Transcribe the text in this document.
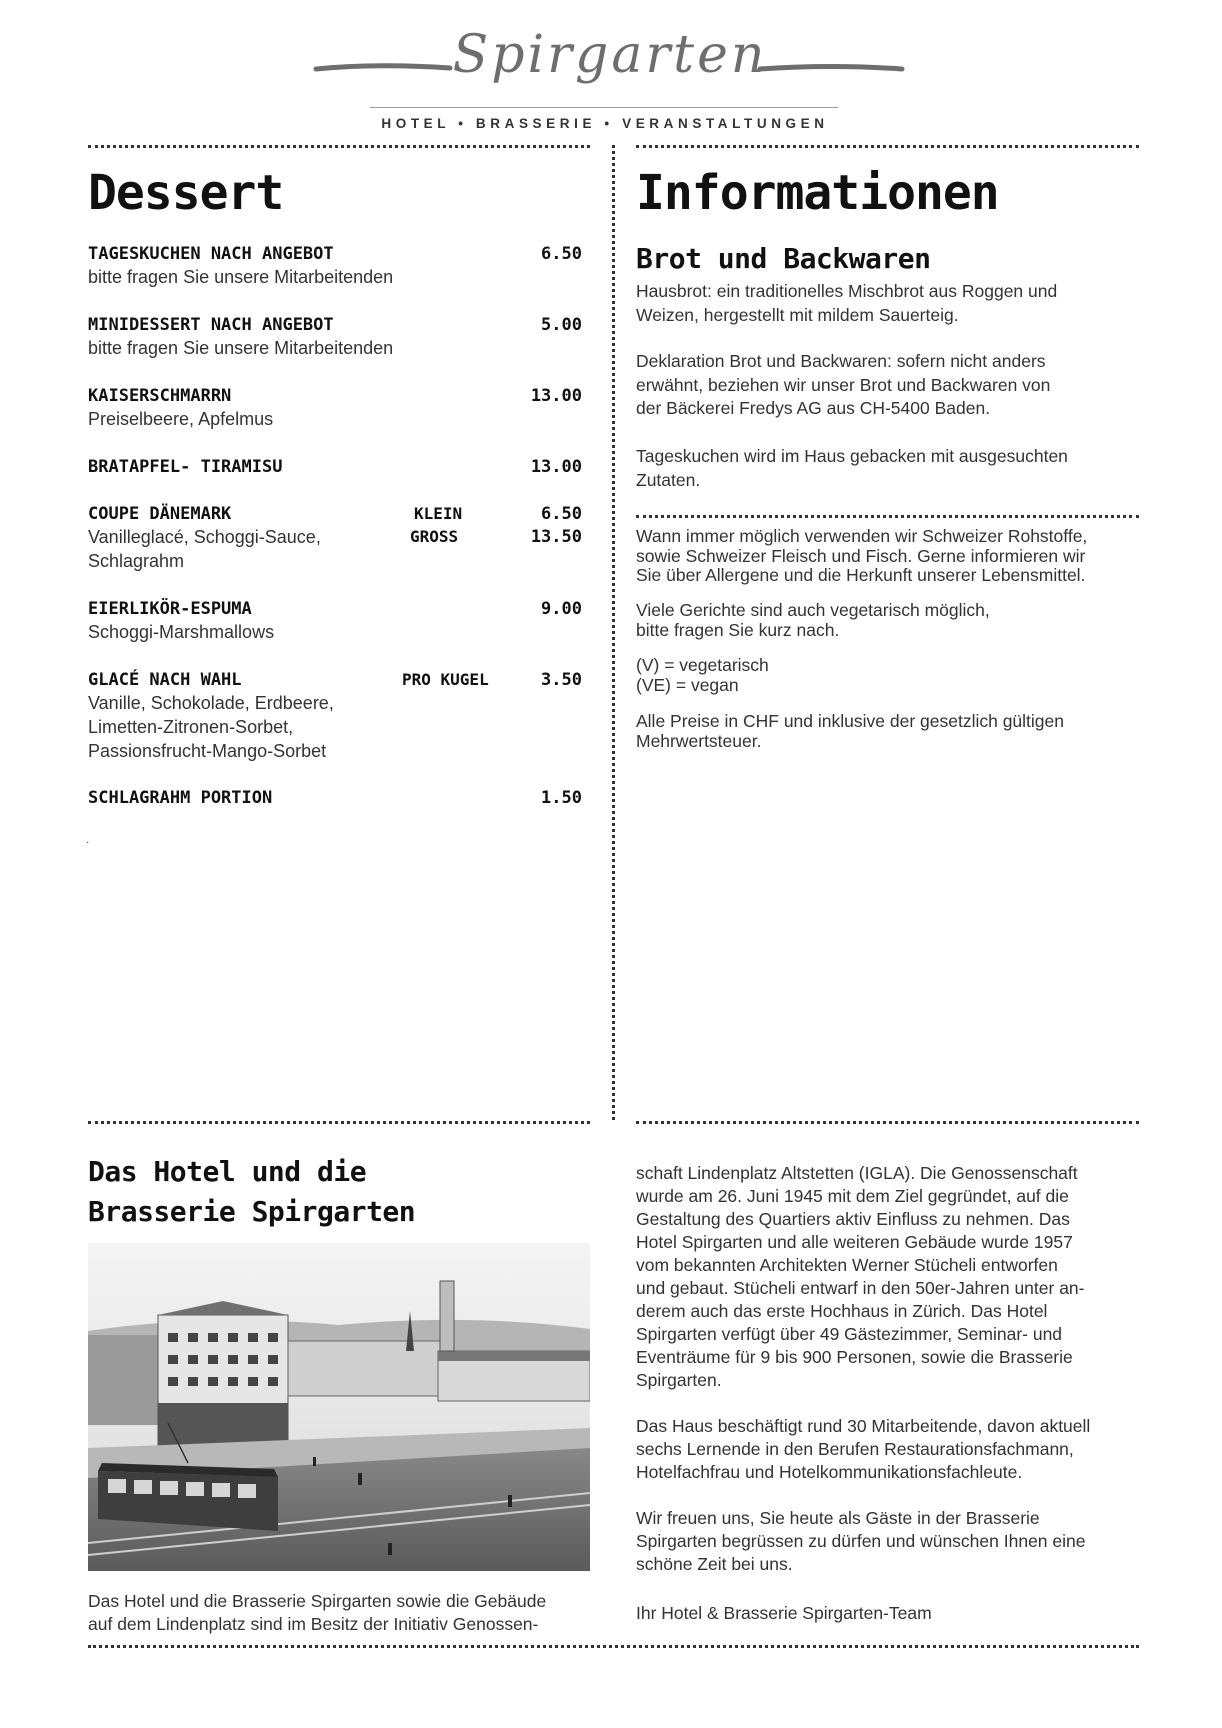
Spirgarten
HOTEL • BRASSERIE • VERANSTALTUNGEN
Dessert
TAGESKUCHEN NACH ANGEBOT	6.50
bitte fragen Sie unsere Mitarbeitenden
MINIDESSERT NACH ANGEBOT	5.00
bitte fragen Sie unsere Mitarbeitenden
KAISERSCHMARRN	13.00
Preiselbeere, Apfelmus
BRATAPFEL- TIRAMISU	13.00
COUPE DÄNEMARK	KLEIN	6.50
Vanilleglacé, Schoggi-Sauce,	GROSS	13.50
Schlagrahm
EIERLIKÖR-ESPUMA	9.00
Schoggi-Marshmallows
GLACÉ NACH WAHL	PRO KUGEL	3.50
Vanille, Schokolade, Erdbeere,
Limetten-Zitronen-Sorbet,
Passionsfrucht-Mango-Sorbet
SCHLAGRAHM PORTION	1.50
.
Informationen
Brot und Backwaren
Hausbrot: ein traditionelles Mischbrot aus Roggen und
Weizen, hergestellt mit mildem Sauerteig.
Deklaration Brot und Backwaren: sofern nicht anders
erwähnt, beziehen wir unser Brot und Backwaren von
der Bäckerei Fredys AG aus CH-5400 Baden.
Tageskuchen wird im Haus gebacken mit ausgesuchten
Zutaten.
Wann immer möglich verwenden wir Schweizer Rohstoffe,
sowie Schweizer Fleisch und Fisch. Gerne informieren wir
Sie über Allergene und die Herkunft unserer Lebensmittel.
Viele Gerichte sind auch vegetarisch möglich,
bitte fragen Sie kurz nach.
(V) = vegetarisch
(VE) = vegan
Alle Preise in CHF und inklusive der gesetzlich gültigen
Mehrwertsteuer.
Das Hotel und die
Brasserie Spirgarten
Das Hotel und die Brasserie Spirgarten sowie die Gebäude
auf dem Lindenplatz sind im Besitz der Initiativ Genossen-
schaft Lindenplatz Altstetten (IGLA). Die Genossenschaft
wurde am 26. Juni 1945 mit dem Ziel gegründet, auf die
Gestaltung des Quartiers aktiv Einfluss zu nehmen. Das
Hotel Spirgarten und alle weiteren Gebäude wurde 1957
vom bekannten Architekten Werner Stücheli entworfen
und gebaut. Stücheli entwarf in den 50er-Jahren unter an-
derem auch das erste Hochhaus in Zürich. Das Hotel
Spirgarten verfügt über 49 Gästezimmer, Seminar- und
Eventräume für 9 bis 900 Personen, sowie die Brasserie
Spirgarten.
Das Haus beschäftigt rund 30 Mitarbeitende, davon aktuell
sechs Lernende in den Berufen Restaurationsfachmann,
Hotelfachfrau und Hotelkommunikationsfachleute.
Wir freuen uns, Sie heute als Gäste in der Brasserie
Spirgarten begrüssen zu dürfen und wünschen Ihnen eine
schöne Zeit bei uns.
Ihr Hotel & Brasserie Spirgarten-Team
